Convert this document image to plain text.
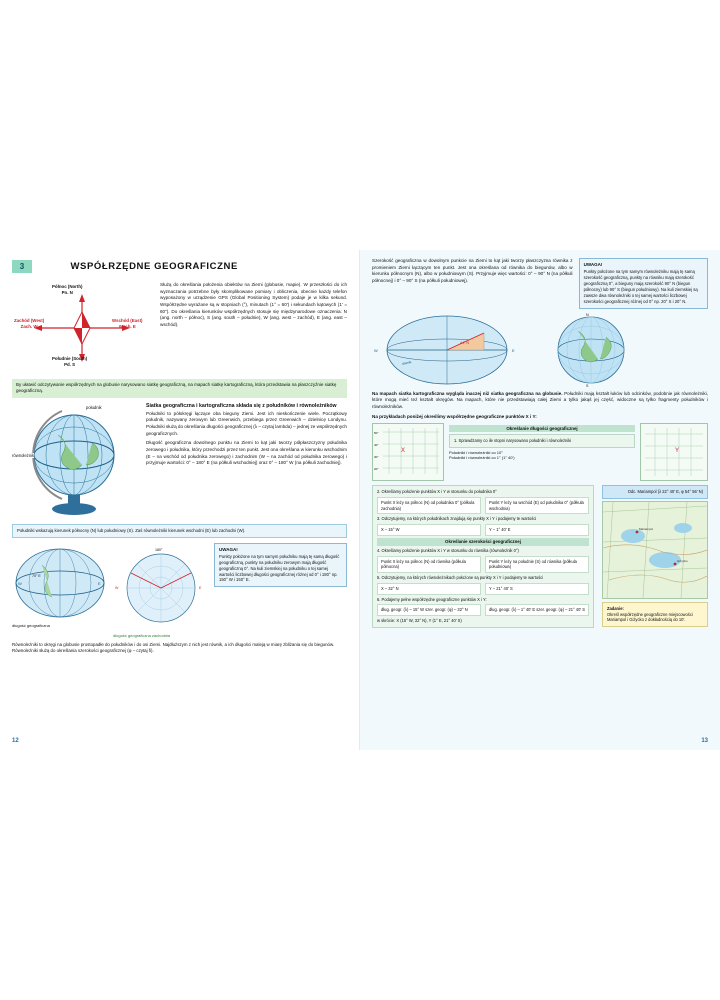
3	WSPÓŁRZĘDNE GEOGRAFICZNE
Północ (North)
Pn. N
Południe (South)
Pd. S
Zachód (West)
Zach. W
Wschód (East)
Wsch. E

Służą do określania położenia obiektów na Ziemi (globusie, mapie). W przeszłości do ich wyznaczania potrzebne były skomplikowane pomiary i obliczenia, obecnie każdy telefon wyposażony w urządzenie GPS (Global Positioning System) podaje je w kilka sekund. Współrzędne wyrażane są w stopniach (°), minutach (1° = 60') i sekundach kątowych (1' = 60"). Do określania kierunków współrzędnych stosuje się międzynarodowe oznaczenia: N (ang. north – północ), S (ang. south – południe), W (ang. west – zachód), E (ang. east – wschód).

By ułatwić odczytywanie współrzędnych na globusie narysowano siatkę geograficzną, na mapach siatkę kartograficzną, która przedstawia na płaszczyźnie siatkę geograficzną.
południk
równoleżnik
Siatka geograficzna i kartograficzna składa się z południków i równoleżników

Południki to półokręgi łączące oba bieguny Ziemi. Jest ich nieskończenie wiele. Początkowy południk, nazywany zerowym lub Greenwich, przebiega przez Greenwich – dzielnicę Londynu. Południki służą do określania długości geograficznej (λ – czytaj lambda) – jednej ze współrzędnych geograficznych.

Długość geograficzna dowolnego punktu na Ziemi to kąt jaki tworzy półpłaszczyzny południka zerowego i południka, który przechodzi przez ten punkt. Jest ona określana w kierunku wschodnim (E – na wschód od południka zerowego) i zachodnim (W – na zachód od południka zerowego) i przyjmuje wartości: 0° – 180° E (na półkuli wschodniej) oraz 0° – 180° W (na półkuli zachodniej).

Południki wskazują kierunek północny (N) lub południowy (S). Zaś równoleżniki kierunek wschodni (E) lub zachodni (W).
W	E
70° E
długość geograficzna
180°
W	E
długość geograficzna zachodnia
UWAGA!
Punkty położone na tym samym południku mają tę samą długość geograficzną, punkty na południku zerowym mają długość geograficzną 0°. Na kuli ziemskiej na południku o tej samej wartości liczbowej długości geograficznej różnej od 0° i 180° np. 150° W i 150° E.
Równoleżniki to okręgi na globusie prostopadłe do południków i do osi Ziemi. Najdłuższym z nich jest równik, a ich długości maleją w miarę zbliżania się do biegunów. Równoleżniki służą do określania szerokości geograficznej (φ – czytaj fi).
12

Szerokość geograficzna w dowolnym punkcie na Ziemi to kąt jaki tworzy płaszczyzna równika z promieniem Ziemi łączącym ten punkt. Jest ona określana od równika do biegunów, albo w kierunku północnym (N), albo w południowym (S). Przyjmuje więc wartości: 0° – 90° N (na półkuli północnej) i 0° – 90° S (na półkuli południowej).

UWAGA!
Punkty położone na tym samym równoleżniku mają tę samą szerokość geograficzną, punkty na równiku mają szerokość geograficzną 0°, a bieguny mają szerokość 90° N (biegun północny) lub 90° S (biegun południowy). Na kuli ziemskiej są zawsze dwa równoleżniki o tej samej wartości liczbowej szerokości geograficznej różnej od 0° np. 20° S i 20° N.
W	E
44° N
równik
N
S

Na mapach siatka kartograficzna wygląda inaczej niż siatka geograficzna na globusie. Południki mają kształt łuków lub odcinków, podobnie jak równoleżniki, które mogą mieć też kształt okręgów. Na mapach, które nie przedstawiają całej Ziemi a tylko jakąś jej część, widoczne są tylko fragmenty południków i równoleżników.

Na przykładach poniżej określimy współrzędne geograficzne punktów X i Y:
X
50°
40°
30°
20°
Określanie długości geograficznej
1. Sprawdzamy co ile stopni narysowano południki i równoleżniki
Południki i równoleżniki co 10°
Południki i równoleżniki co 1° (1° 40')
Y
2. Określamy położenie punktów X i Y w stosunku do południka 0°
Punkt X leży na północ (N) od południka 0° (półkula zachodnia)
Punkt Y leży na wschód (E) od południka 0° (półkula wschodnia)
3. Odczytujemy, na których południkach znajdują się punkty X i Y i podajemy te wartości
X – 15° W	Y – 1° 40' E
Określanie szerokości geograficznej
4. Określamy położenie punktów X i Y w stosunku do równika (równoleżnik 0°)
Punkt X leży na północ (N) od równika (półkula północna)
Punkt Y leży na południe (S) od równika (półkula południowa)
5. Odczytujemy, na których równoleżnikach położone są punkty X i Y i podajemy te wartości
X – 32° N	Y – 21° 40' S
6. Podajemy pełne współrzędne geograficzne punktów X i Y:
dług. geogr. (λ) – 15° W szer. geogr. (φ) – 32° N	dług. geogr. (λ) – 1° 40' E szer. geogr. (φ) – 21° 40' S
w skrócie: X (15° W, 32° N), Y (1° E, 21° 40' S)
Odc. Mariampol (λ 22° 40' E, φ 54° 56' N)
Mariampol
Giżycko
Zadanie:
Określ współrzędne geograficzne miejscowości Mariampol i Giżycko z dokładnością do 10'.
13
